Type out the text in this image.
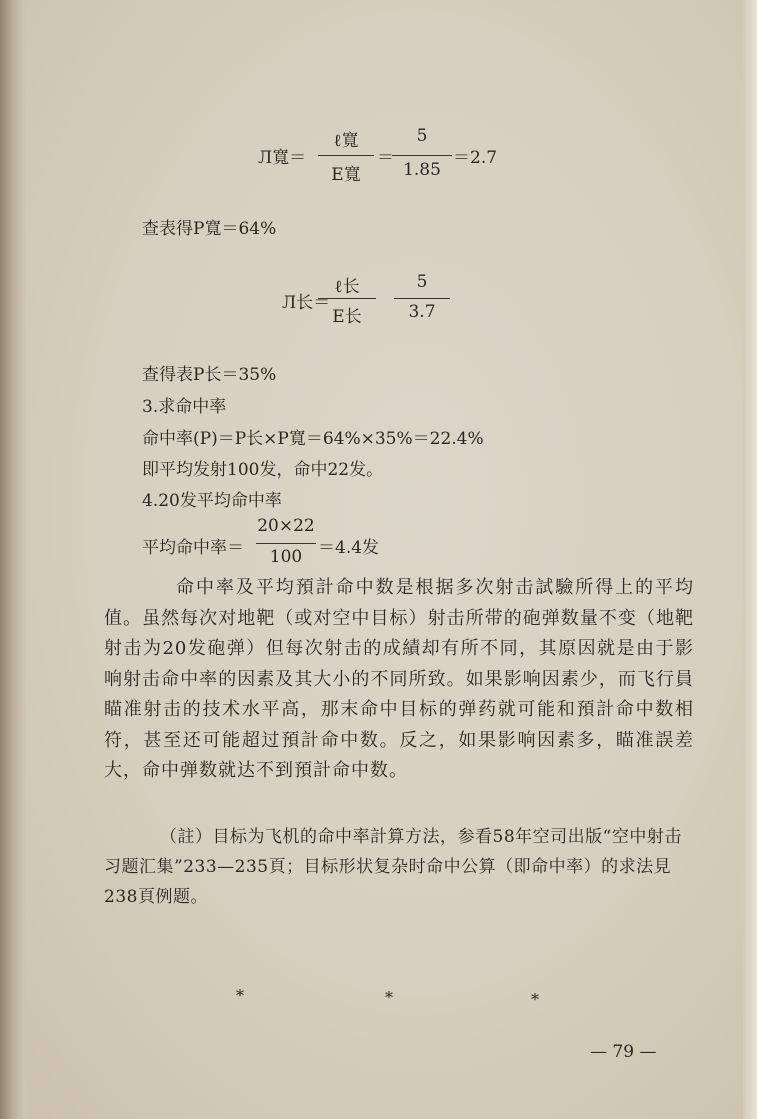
Л寬＝
ℓ寬
E寬
＝
5
1.85
＝2.7
查表得P寬＝64%
Л长＝
ℓ长
E长
5
3.7
查得表P长＝35%
3.求命中率
命中率(P)＝P长×P寬＝64%×35%＝22.4%
即平均发射100发，命中22发。
4.20发平均命中率
平均命中率＝
20×22
100 ＝4.4发
命中率及平均預計命中数是根据多次射击試驗所得上的平均值。虽然每次对地靶（或对空中目标）射击所带的砲弹数量不变（地靶射击为20发砲弹）但每次射击的成績却有所不同，其原因就是由于影响射击命中率的因素及其大小的不同所致。如果影响因素少，而飞行員瞄准射击的技术水平高，那末命中目标的弹药就可能和預計命中数相符，甚至还可能超过預計命中数。反之，如果影响因素多，瞄准誤差大，命中弹数就达不到預計命中数。
（註）目标为飞机的命中率計算方法，参看58年空司出版“空中射击习题汇集”233—235頁；目标形状复杂时命中公算（即命中率）的求法見238頁例题。
*	*	*
— 79 —
